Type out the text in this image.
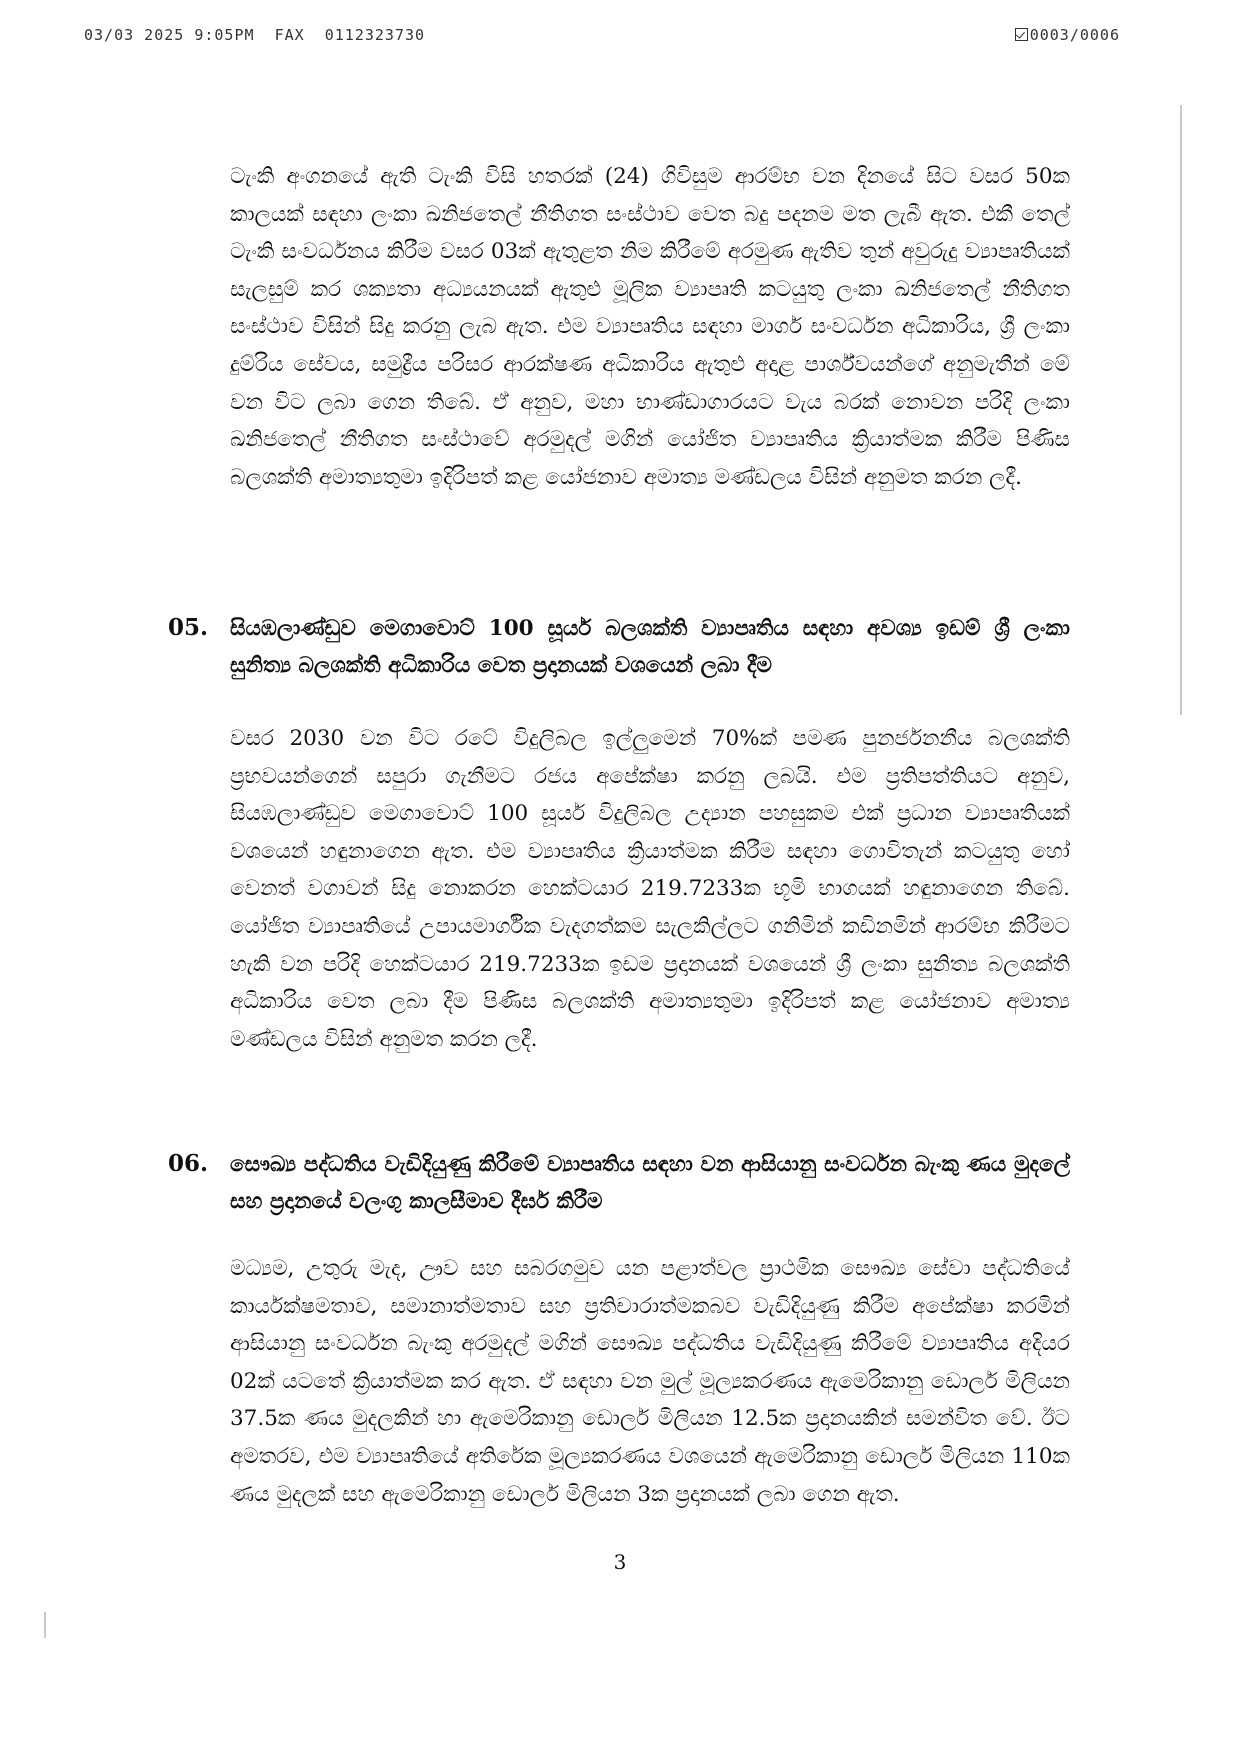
03/03 2025 9:05PM  FAX  0112323730	0003/0006

ටැංකි අංගනයේ ඇති ටැංකි විසි හතරක් (24) ගිවිසුම ආරම්භ වන දිනයේ සිට වසර 50ක කාලයක් සඳහා ලංකා ඛනිජතෙල් නීතිගත සංස්ථාව වෙත බදු පදනම මත ලැබී ඇත. එකී තෙල් ටැංකි සංවර්ධනය කිරීම වසර 03ක් ඇතුළත නිම කිරීමේ අරමුණ ඇතිව තුන් අවුරුදු ව්‍යාපෘතියක් සැලසුම් කර ශක්‍යතා අධ්‍යයනයක් ඇතුළු මූලික ව්‍යාපෘති කටයුතු ලංකා ඛනිජතෙල් නීතිගත සංස්ථාව විසින් සිදු කරනු ලැබ ඇත. එම ව්‍යාපෘතිය සඳහා මාර්ග සංවර්ධන අධිකාරිය, ශ්‍රී ලංකා දුම්රිය සේවය, සමුද්‍රීය පරිසර ආරක්ෂණ අධිකාරිය ඇතුළු අදාළ පාර්ශ්වයන්ගේ අනුමැතීන් මේ වන විට ලබා ගෙන තිබේ. ඒ අනුව, මහා භාණ්ඩාගාරයට වැය බරක් නොවන පරිදි ලංකා ඛනිජතෙල් නීතිගත සංස්ථාවේ අරමුදල් මගින් යෝජිත ව්‍යාපෘතිය ක්‍රියාත්මක කිරීම පිණිස බලශක්ති අමාත්‍යතුමා ඉදිරිපත් කළ යෝජනාව අමාත්‍ය මණ්ඩලය විසින් අනුමත කරන ලදී.

05. සියඹලාණ්ඩුව මෙගාවොට් 100 සූර්ය බලශක්ති ව්‍යාපෘතිය සඳහා අවශ්‍ය ඉඩම් ශ්‍රී ලංකා සුනිත්‍ය බලශක්ති අධිකාරිය වෙත ප්‍රදානයක් වශයෙන් ලබා දීම

වසර 2030 වන විට රටේ විදුලිබල ඉල්ලුමෙන් 70%ක් පමණ පුනර්ජනනීය බලශක්ති ප්‍රභවයන්ගෙන් සපුරා ගැනීමට රජය අපේක්ෂා කරනු ලබයි. එම ප්‍රතිපත්තියට අනුව, සියඹලාණ්ඩුව මෙගාවොට් 100 සූර්ය විදුලිබල උද්‍යාන පහසුකම එක් ප්‍රධාන ව්‍යාපෘතියක් වශයෙන් හඳුනාගෙන ඇත. එම ව්‍යාපෘතිය ක්‍රියාත්මක කිරීම සඳහා ගොවිතැන් කටයුතු හෝ වෙනත් වගාවන් සිදු නොකරන හෙක්ටයාර 219.7233ක භූමි භාගයක් හඳුනාගෙන තිබේ. යෝජිත ව්‍යාපෘතියේ උපායමාර්ගික වැදගත්කම සැලකිල්ලට ගනිමින් කඩිනමින් ආරම්භ කිරීමට හැකි වන පරිදි හෙක්ටයාර 219.7233ක ඉඩම ප්‍රදානයක් වශයෙන් ශ්‍රී ලංකා සුනිත්‍ය බලශක්ති අධිකාරිය වෙත ලබා දීම පිණිස බලශක්ති අමාත්‍යතුමා ඉදිරිපත් කළ යෝජනාව අමාත්‍ය මණ්ඩලය විසින් අනුමත කරන ලදී.

06. සෞඛ්‍ය පද්ධතිය වැඩිදියුණු කිරීමේ ව්‍යාපෘතිය සඳහා වන ආසියානු සංවර්ධන බැංකු ණය මුදලේ සහ ප්‍රදානයේ වලංගු කාලසීමාව දීර්ඝ කිරීම

මධ්‍යම, උතුරු මැද, ඌව සහ සබරගමුව යන පළාත්වල ප්‍රාථමික සෞඛ්‍ය සේවා පද්ධතියේ කාර්යක්ෂමතාව, සමානාත්මතාව සහ ප්‍රතිචාරාත්මකබව වැඩිදියුණු කිරීම අපේක්ෂා කරමින් ආසියානු සංවර්ධන බැංකු අරමුදල් මගින් සෞඛ්‍ය පද්ධතිය වැඩිදියුණු කිරීමේ ව්‍යාපෘතිය අදියර 02ක් යටතේ ක්‍රියාත්මක කර ඇත. ඒ සඳහා වන මුල් මූල්‍යකරණය ඇමෙරිකානු ඩොලර් මිලියන 37.5ක ණය මුදලකින් හා ඇමෙරිකානු ඩොලර් මිලියන 12.5ක ප්‍රදානයකින් සමන්විත වේ. ඊට අමතරව, එම ව්‍යාපෘතියේ අතිරේක මූල්‍යකරණය වශයෙන් ඇමෙරිකානු ඩොලර් මිලියන 110ක ණය මුදලක් සහ ඇමෙරිකානු ඩොලර් මිලියන 3ක ප්‍රදානයක් ලබා ගෙන ඇත.

3
